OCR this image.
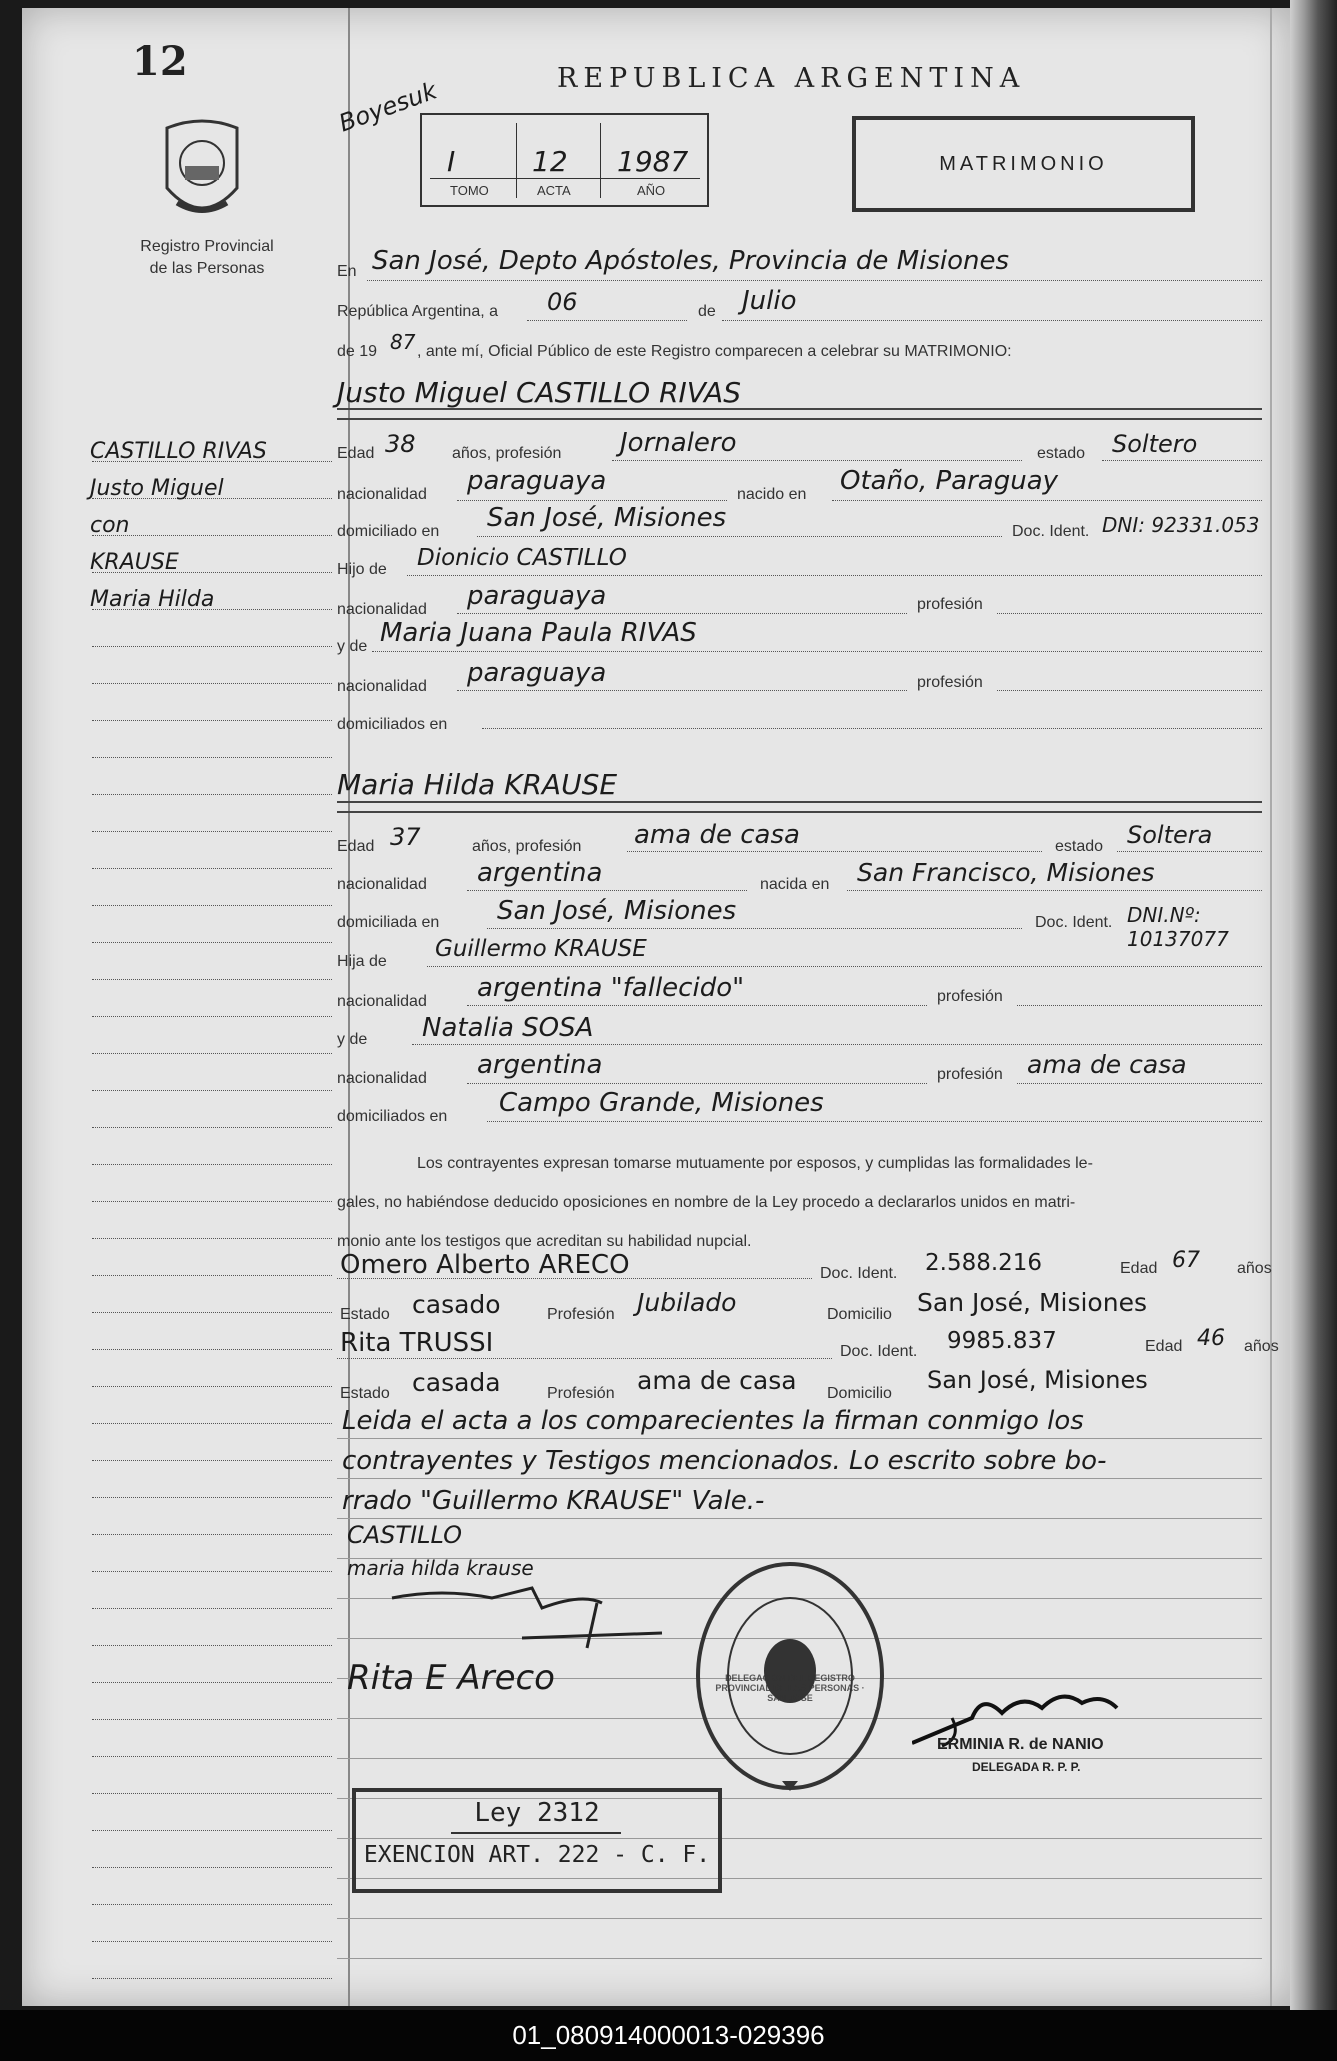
12
Registro Provincial
de las Personas
CASTILLO RIVAS
Justo Miguel
con
KRAUSE
Maria Hilda
Boyesuk	REPUBLICA ARGENTINA
I	12 1987
TOMO	ACTA	AÑO
MATRIMONIO
En San José, Depto Apóstoles, Provincia de Misiones
República Argentina, a 06	de Julio
de 19 87 , ante mí, Oficial Público de este Registro comparecen a celebrar su MATRIMONIO:
Justo Miguel CASTILLO RIVAS
Edad 38 años, profesión Jornalero	estado Soltero
nacionalidad paraguaya	nacido en Otaño, Paraguay
domiciliado en San José, Misiones	Doc. Ident. DNI: 92331.053
Hijo de Dionicio CASTILLO
nacionalidad paraguaya	profesión
y de Maria Juana Paula RIVAS
nacionalidad paraguaya	profesión
domiciliados en
Maria Hilda KRAUSE
Edad 37	años, profesión ama de casa	estado Soltera
nacionalidad argentina	nacida en San Francisco, Misiones
domiciliada en San José, Misiones	Doc. Ident. DNI.Nº: 10137077
Hija de Guillermo KRAUSE
nacionalidad argentina "fallecido"	profesión
y de Natalia SOSA
nacionalidad argentina	profesión ama de casa
domiciliados en Campo Grande, Misiones
Los contrayentes expresan tomarse mutuamente por esposos, y cumplidas las formalidades le-
gales, no habiéndose deducido oposiciones en nombre de la Ley procedo a declararlos unidos en matri-
monio ante los testigos que acreditan su habilidad nupcial.
Omero Alberto ARECO	Doc. Ident. 2.588.216	Edad 67 años
Estado casado	Profesión Jubilado	Domicilio San José, Misiones
Rita TRUSSI	Doc. Ident. 9985.837	Edad 46 años
Estado casada	Profesión ama de casa Domicilio San José, Misiones
Leida el acta a los comparecientes la firman conmigo los
contrayentes y Testigos mencionados. Lo escrito sobre bo-
rrado "Guillermo KRAUSE" Vale.-
CASTILLO
maria hilda krause
Rita E Areco	DELEGACION DEL REGISTRO PROVINCIAL DE LAS PERSONAS · SAN JOSE
ERMINIA R. de NANIO
DELEGADA R. P. P.
Ley 2312
EXENCION ART. 222 - C. F.
01_080914000013-029396
